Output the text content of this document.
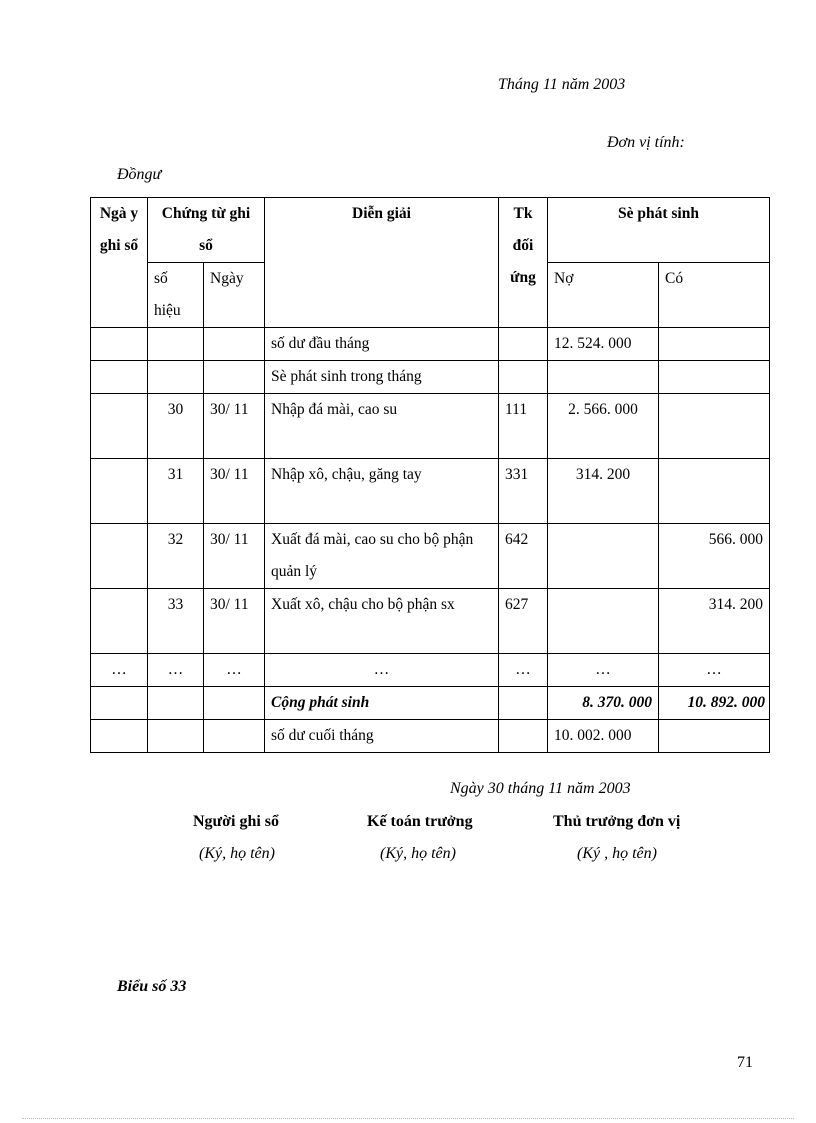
Tháng 11 năm 2003
Đơn vị tính:
Đồngư
Ngà y ghi sổ	Chứng từ ghi sổ		Diễn giải	Tk đối ứng	Sè phát sinh	
	số hiệu	Ngày			Nợ	Có
			số dư đầu tháng		12. 524. 000	
			Sè phát sinh trong tháng			
	30	30/ 11	Nhập đá mài, cao su	111	2. 566. 000	
	31	30/ 11	Nhập xô, chậu, găng tay	331	314. 200	
	32	30/ 11	Xuất đá mài, cao su cho bộ phận quản lý	642		566. 000
	33	30/ 11	Xuất xô, chậu cho bộ phận sx	627		314. 200
…	…	…	…	…	…	…
			Cộng phát sinh		8. 370. 000	10. 892. 000
			số dư cuối tháng		10. 002. 000	
Ngày 30 tháng 11 năm 2003
Người ghi sổ	Kế toán trưởng	Thủ trưởng đơn vị
(Ký, họ tên)	(Ký, họ tên)	(Ký , họ tên)
Biểu số 33
71
